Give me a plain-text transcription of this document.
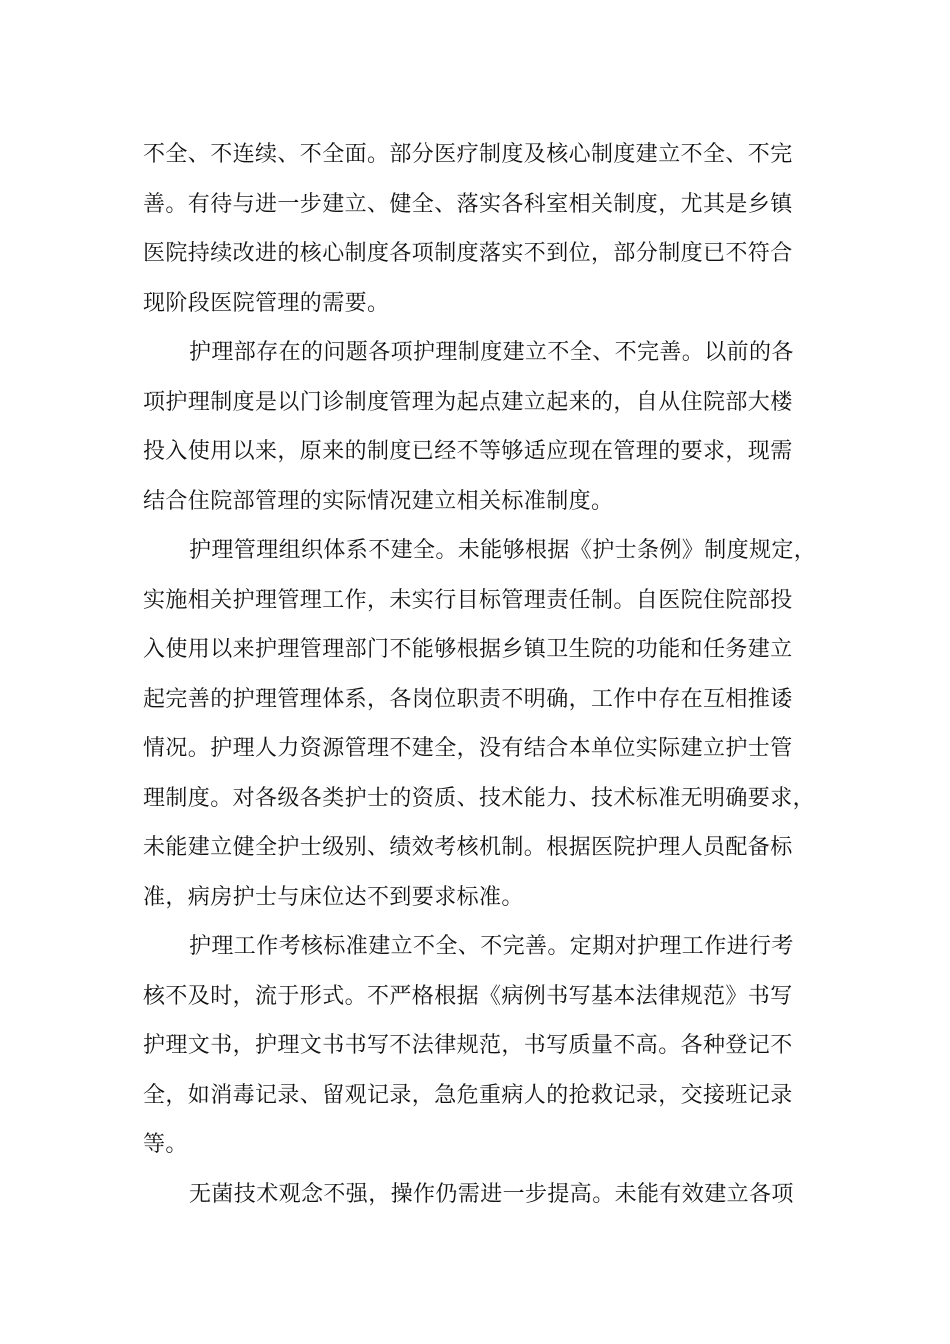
不全、不连续、不全面。部分医疗制度及核心制度建立不全、不完
善。有待与进一步建立、健全、落实各科室相关制度，尤其是乡镇
医院持续改进的核心制度各项制度落实不到位，部分制度已不符合
现阶段医院管理的需要。
护理部存在的问题各项护理制度建立不全、不完善。以前的各
项护理制度是以门诊制度管理为起点建立起来的，自从住院部大楼
投入使用以来，原来的制度已经不等够适应现在管理的要求，现需
结合住院部管理的实际情况建立相关标准制度。
护理管理组织体系不建全。未能够根据《护士条例》制度规定，
实施相关护理管理工作，未实行目标管理责任制。自医院住院部投
入使用以来护理管理部门不能够根据乡镇卫生院的功能和任务建立
起完善的护理管理体系，各岗位职责不明确，工作中存在互相推诿
情况。护理人力资源管理不建全，没有结合本单位实际建立护士管
理制度。对各级各类护士的资质、技术能力、技术标准无明确要求，
未能建立健全护士级别、绩效考核机制。根据医院护理人员配备标
准，病房护士与床位达不到要求标准。
护理工作考核标准建立不全、不完善。定期对护理工作进行考
核不及时，流于形式。不严格根据《病例书写基本法律规范》书写
护理文书，护理文书书写不法律规范，书写质量不高。各种登记不
全，如消毒记录、留观记录，急危重病人的抢救记录，交接班记录
等。
无菌技术观念不强，操作仍需进一步提高。未能有效建立各项
